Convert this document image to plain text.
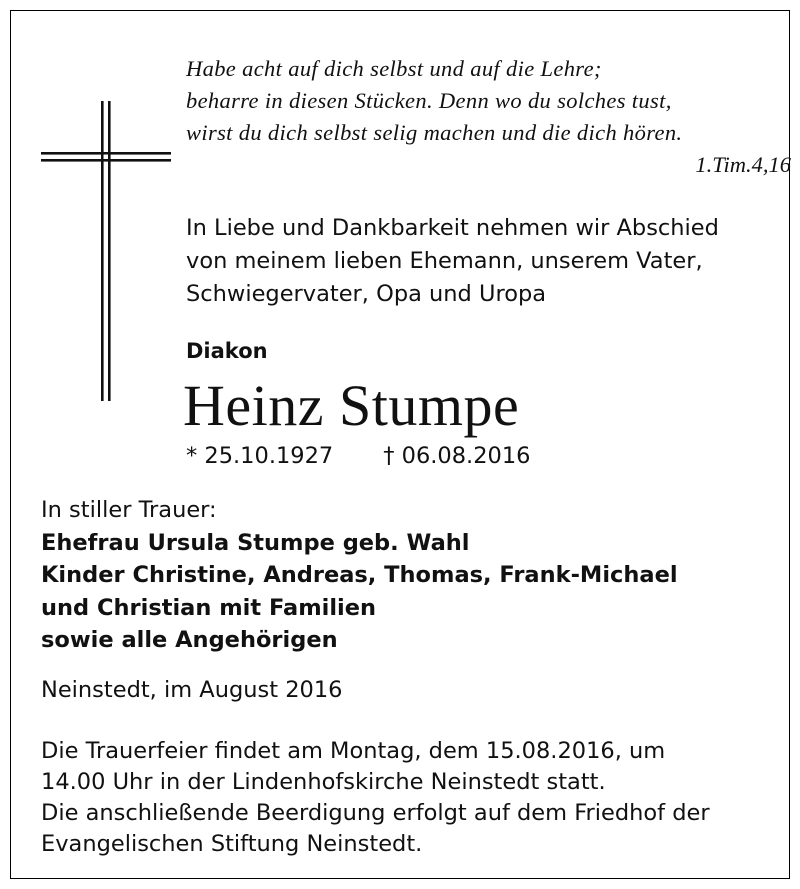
Habe acht auf dich selbst und auf die Lehre;
beharre in diesen Stücken. Denn wo du solches tust,
wirst du dich selbst selig machen und die dich hören.
1.Tim.4,16
In Liebe und Dankbarkeit nehmen wir Abschied
von meinem lieben Ehemann, unserem Vater,
Schwiegervater, Opa und Uropa
Diakon
Heinz Stumpe
* 25.10.1927 † 06.08.2016
In stiller Trauer:
Ehefrau Ursula Stumpe geb. Wahl
Kinder Christine, Andreas, Thomas, Frank-Michael
und Christian mit Familien
sowie alle Angehörigen
Neinstedt, im August 2016
Die Trauerfeier findet am Montag, dem 15.08.2016, um
14.00 Uhr in der Lindenhofskirche Neinstedt statt.
Die anschließende Beerdigung erfolgt auf dem Friedhof der
Evangelischen Stiftung Neinstedt.
